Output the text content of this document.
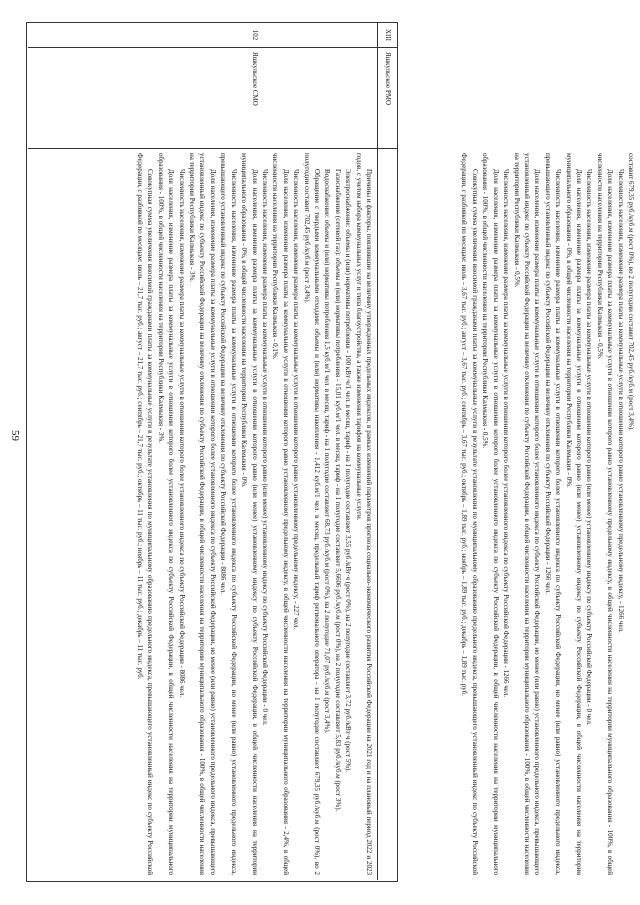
составит 679,35 руб./куб.м (рост 0%), во 2 полугодии составит 702,45 руб./куб.м (рост 3,4%).

Численность населения, изменение размера платы за коммунальные услуги в отношении которого равно установленному предельному индексу, - 1266 чел.

Доля населения, изменение размера платы за коммунальные услуги в отношении которого равно установленному предельному индексу, в общей численности населения на территории муниципального образования - 100%, в общей численности населения на территории Республики Калмыкия - 0,5%.

Численность населения, изменение размера платы за коммунальные услуги в отношении которого равно (или менее) установленному индексу по субъекту Российской Федерации - 0 чел.

Доля населения, изменение размера платы за коммунальные услуги в отношении которого равно (или менее) установленному индексу по субъекту Российской Федерации, в общей численности населения на территории муниципального образования - 0%, в общей численности населения на территории Республики Калмыкия - 0%.

Численность населения, изменение размера платы за коммунальные услуги в отношении которого более установленного индекса по субъекту Российской Федерации, но менее (или равно) установленного предельного индекса, превышающего установленный индекс по субъекту Российской Федерации на величину отклонения по субъекту Российской Федерации - 1266 чел.

Доля населения, изменение размера платы за коммунальные услуги в отношении которого более установленного индекса по субъекту Российской Федерации, но менее (или равно) установленного предельного индекса, превышающего установленный индекс по субъекту Российской Федерации на величину отклонения по субъекту Российской Федерации, в общей численности населения на территории муниципального образования - 100%, в общей численности населения на территории Республики Калмыкия - 0,5%.

Численность населения, изменение размера платы за коммунальные услуги в отношении которого более установленного индекса по субъекту Российской Федерации - 1266 чел.

Доля населения, изменение размера платы за коммунальные услуги в отношении которого более установленного индекса по субъекту Российской Федерации, в общей численности населения на территории муниципального образования - 100%, в общей численности населения на территории Республики Калмыкия - 0,5%.

Совокупная сумма увеличения вносимой гражданами платы за коммунальные услуги в результате установления по муниципальному образованию предельного индекса, превышающего установленный индекс по субъекту Российской Федерации, с разбивкой по месяцам: июль – 3,67 тыс. руб.; август – 3,67 тыс. руб.; сентябрь – 3,67 тыс. руб.; октябрь – 1,89 тыс. руб.; ноябрь – 1,89 тыс. руб.; декабрь – 1,89 тыс. руб.

XIII
Яшкульское РМО
102
Яшкульское СМО

Причины и факторы, повлиявшие на величину утвержденных предельных индексов, в рамках изменений параметров прогноза социально-экономического развития Российской Федерации на 2021 год и на плановый период 2022 и 2023 годов, с учетом набора коммунальных услуг и типа благоустройства, а также изменения тарифов на коммунальные услуги.

Электроснабжение: объемы и (или) нормативы потребления - 100 кВт·ч/1 чел. в месяц, тариф - на 1 полугодие составляет 3,55 руб./кВт·ч (рост 0%), на 2 полугодие составляет 3,72 руб./кВт·ч (рост 5%).

Газоснабжение (сетевой газ): объемы и (или) нормативы потребления - 15,01 куб.м/1 чел. в месяц, тариф - на 1 полугодие составляет 5,6606 руб./куб.м (рост 0%), на 2 полугодие составляет 5,83 руб./куб.м (рост 3%).

Водоснабжение: объемы и (или) нормативы потребления 1,5 куб.м/1 чел. в месяц, тариф - на 1 полугодие составляет 68,73 руб./куб.м (рост 0%), на 2 полугодие 71,07 руб./куб.м (рост 3,4%).

Обращение с твердыми коммунальными отходами: объемы и (или) нормативы накопления - 1,412 куб.м/1 чел. в месяц, предельный тариф регионального оператора - на 1 полугодие составляет 679,35 руб./куб.м (рост 0%), во 2 полугодии составит 702,45 руб./куб.м (рост 3,4%).

Численность населения, изменение размера платы за коммунальные услуги в отношении которого равно установленному предельному индексу, - 227 чел.

Доля населения, изменение размера платы за коммунальные услуги в отношении которого равно установленному предельному индексу, в общей численности населения на территории муниципального образования - 2,4%, в общей численности населения на территории Республики Калмыкия - 0,1%.

Численность населения, изменение размера платы за коммунальные услуги в отношении которого равно (или менее) установленному индексу по субъекту Российской Федерации - 0 чел.

Доля населения, изменение размера платы за коммунальные услуги в отношении которого равно (или менее) установленному индексу по субъекту Российской Федерации, в общей численности населения на территории муниципального образования - 0%, в общей численности населения на территории Республики Калмыкия - 0%.

Численность населения, изменение размера платы за коммунальные услуги в отношении которого более установленного индекса по субъекту Российской Федерации, но менее (или равно) установленного предельного индекса, превышающего установленный индекс по субъекту Российской Федерации на величину отклонения по субъекту Российской Федерации - 8086 чел.

Доля населения, изменение размера платы за коммунальные услуги в отношении которого более установленного индекса по субъекту Российской Федерации, но менее (или равно) установленного предельного индекса, превышающего установленный индекс по субъекту Российской Федерации на величину отклонения по субъекту Российской Федерации, в общей численности населения на территории муниципального образования - 100%, в общей численности населения на территории Республики Калмыкия - 3%.

Численность населения, изменение размера платы за коммунальные услуги в отношении которого более установленного индекса по субъекту Российской Федерации - 8086 чел.

Доля населения, изменение размера платы за коммунальные услуги в отношении которого более установленного индекса по субъекту Российской Федерации, в общей численности населения на территории муниципального образования - 100%, в общей численности населения на территории Республики Калмыкия - 3%.

Совокупная сумма увеличения вносимой гражданами платы за коммунальные услуги в результате установления по муниципальному образованию предельного индекса, превышающего установленный индекс по субъекту Российской Федерации, с разбивкой по месяцам: июль – 21,7 тыс. руб.; август – 21,7 тыс. руб.; сентябрь – 21,7 тыс. руб.; октябрь – 11 тыс. руб.; ноябрь – 11 тыс. руб.; декабрь – 11 тыс. руб.

59
